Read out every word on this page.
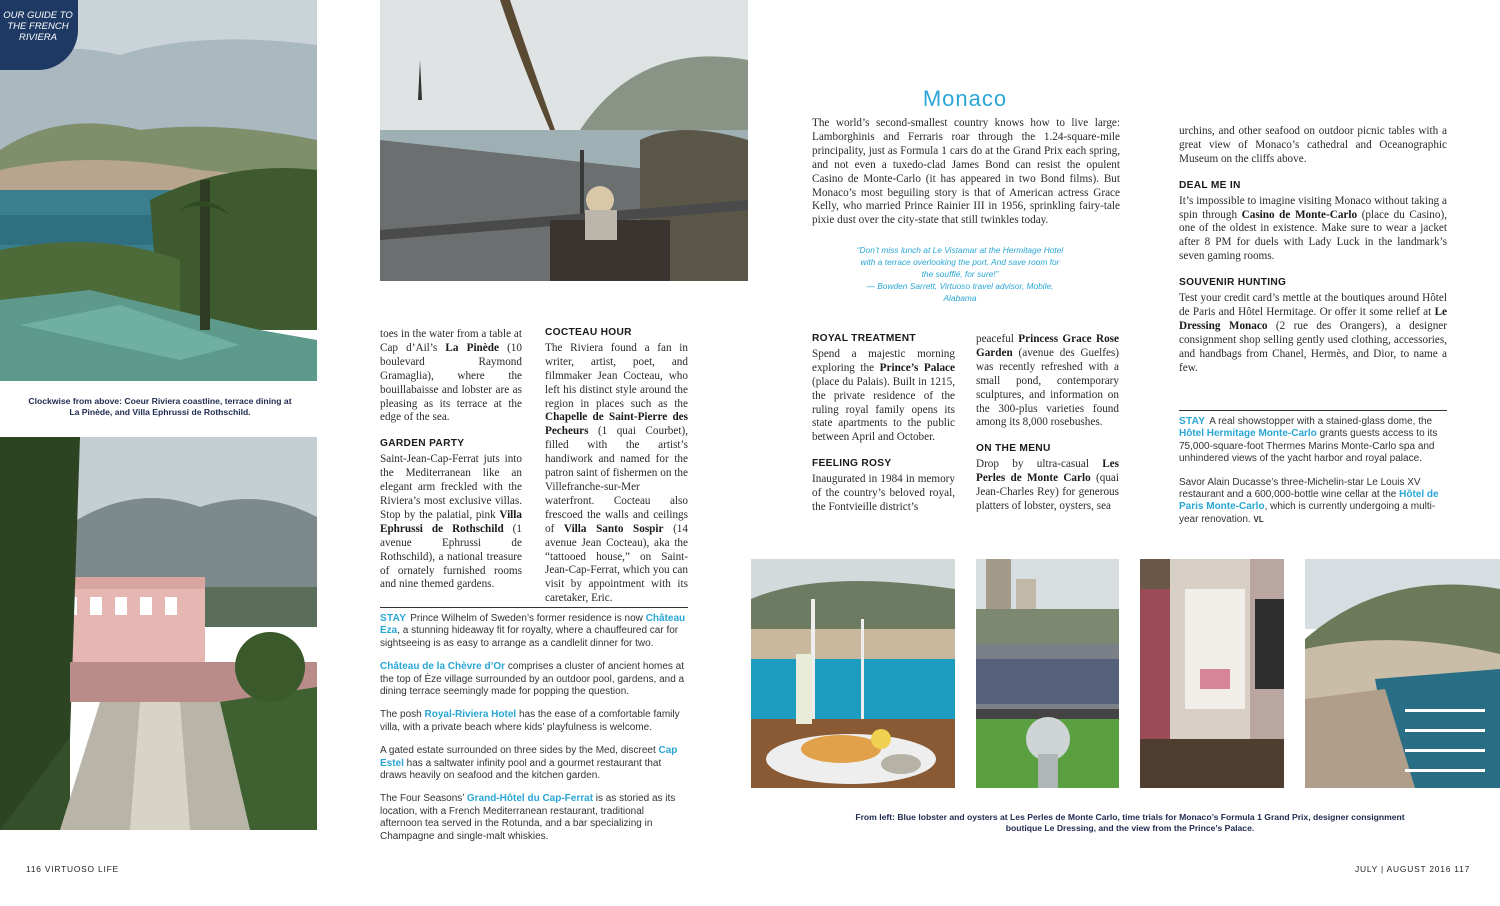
OUR GUIDE TO THE FRENCH RIVIERA
Clockwise from above: Coeur Riviera coastline, terrace dining at La Pinède, and Villa Ephrussi de Rothschild.
toes in the water from a table at Cap d’Ail’s La Pinède (10 boulevard Raymond Gramaglia), where the bouillabaisse and lobster are as pleasing as its terrace at the edge of the sea.
GARDEN PARTY
Saint-Jean-Cap-Ferrat juts into the Mediterranean like an elegant arm freckled with the Riviera’s most exclusive villas. Stop by the palatial, pink Villa Ephrussi de Rothschild (1 avenue Ephrussi de Rothschild), a national treasure of ornately furnished rooms and nine themed gardens.
COCTEAU HOUR
The Riviera found a fan in writer, artist, poet, and filmmaker Jean Cocteau, who left his distinct style around the region in places such as the Chapelle de Saint-Pierre des Pecheurs (1 quai Courbet), filled with the artist’s handiwork and named for the patron saint of fishermen on the Villefranche-sur-Mer waterfront. Cocteau also frescoed the walls and ceilings of Villa Santo Sospir (14 avenue Jean Cocteau), aka the “tattooed house,” on Saint-Jean-Cap-Ferrat, which you can visit by appointment with its caretaker, Eric.

STAY Prince Wilhelm of Sweden’s former residence is now Château Eza, a stunning hideaway fit for royalty, where a chauffeured car for sightseeing is as easy to arrange as a candlelit dinner for two.

Château de la Chèvre d’Or comprises a cluster of ancient homes at the top of Èze village surrounded by an outdoor pool, gardens, and a dining terrace seemingly made for popping the question.

The posh Royal-Riviera Hotel has the ease of a comfortable family villa, with a private beach where kids’ playfulness is welcome.

A gated estate surrounded on three sides by the Med, discreet Cap Estel has a saltwater infinity pool and a gourmet restaurant that draws heavily on seafood and the kitchen garden.

The Four Seasons’ Grand-Hôtel du Cap-Ferrat is as storied as its location, with a French Mediterranean restaurant, traditional afternoon tea served in the Rotunda, and a bar specializing in Champagne and single-malt whiskies.

Monaco
The world’s second-smallest country knows how to live large: Lamborghinis and Ferraris roar through the 1.24-square-mile principality, just as Formula 1 cars do at the Grand Prix each spring, and not even a tuxedo-clad James Bond can resist the opulent Casino de Monte-Carlo (it has appeared in two Bond films). But Monaco’s most beguiling story is that of American actress Grace Kelly, who married Prince Rainier III in 1956, sprinkling fairy-tale pixie dust over the city-state that still twinkles today.
“Don’t miss lunch at Le Vistamar at the Hermitage Hotel with a terrace overlooking the port. And save room for the soufflé, for sure!”
— Bowden Sarrett, Virtuoso travel advisor, Mobile, Alabama
ROYAL TREATMENT
Spend a majestic morning exploring the Prince’s Palace (place du Palais). Built in 1215, the private residence of the ruling royal family opens its state apartments to the public between April and October.
FEELING ROSY
Inaugurated in 1984 in memory of the country’s beloved royal, the Fontvieille district’s
peaceful Princess Grace Rose Garden (avenue des Guelfes) was recently refreshed with a small pond, contemporary sculptures, and information on the 300-plus varieties found among its 8,000 rosebushes.
ON THE MENU
Drop by ultra-casual Les Perles de Monte Carlo (quai Jean-Charles Rey) for generous platters of lobster, oysters, sea
urchins, and other seafood on outdoor picnic tables with a great view of Monaco’s cathedral and Oceanographic Museum on the cliffs above.
DEAL ME IN
It’s impossible to imagine visiting Monaco without taking a spin through Casino de Monte-Carlo (place du Casino), one of the oldest in existence. Make sure to wear a jacket after 8 PM for duels with Lady Luck in the landmark’s seven gaming rooms.
SOUVENIR HUNTING
Test your credit card’s mettle at the boutiques around Hôtel de Paris and Hôtel Hermitage. Or offer it some relief at Le Dressing Monaco (2 rue des Orangers), a designer consignment shop selling gently used clothing, accessories, and handbags from Chanel, Hermès, and Dior, to name a few.

STAY A real showstopper with a stained-glass dome, the Hôtel Hermitage Monte-Carlo grants guests access to its 75,000-square-foot Thermes Marins Monte-Carlo spa and unhindered views of the yacht harbor and royal palace.

Savor Alain Ducasse’s three-Michelin-star Le Louis XV restaurant and a 600,000-bottle wine cellar at the Hôtel de Paris Monte-Carlo, which is currently undergoing a multi-year renovation. VL

From left: Blue lobster and oysters at Les Perles de Monte Carlo, time trials for Monaco’s Formula 1 Grand Prix, designer consignment boutique Le Dressing, and the view from the Prince’s Palace.
116 VIRTUOSO LIFE	JULY | AUGUST 2016 117
